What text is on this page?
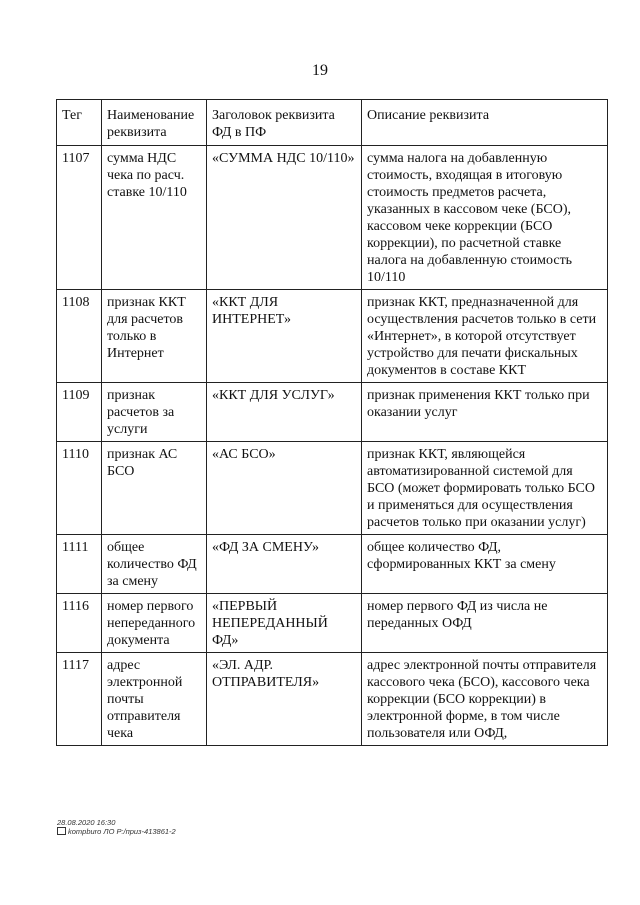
19
Тег	Наименование реквизита	Заголовок реквизита ФД в ПФ	Описание реквизита
1107	сумма НДС чека по расч. ставке 10/110	«СУММА НДС 10/110»	сумма налога на добавленную стоимость, входящая в итоговую стоимость предметов расчета, указанных в кассовом чеке (БСО), кассовом чеке коррекции (БСО коррекции), по расчетной ставке налога на добавленную стоимость 10/110
1108	признак ККТ для расчетов только в Интернет	«ККТ ДЛЯ ИНТЕРНЕТ»	признак ККТ, предназначенной для осуществления расчетов только в сети «Интернет», в которой отсутствует устройство для печати фискальных документов в составе ККТ
1109	признак расчетов за услуги	«ККТ ДЛЯ УСЛУГ»	признак применения ККТ только при оказании услуг
1110	признак АС БСО	«АС БСО»	признак ККТ, являющейся автоматизированной системой для БСО (может формировать только БСО и применяться для осуществления расчетов только при оказании услуг)
1111	общее количество ФД за смену	«ФД ЗА СМЕНУ»	общее количество ФД, сформированных ККТ за смену
1116	номер первого непереданного документа	«ПЕРВЫЙ НЕПЕРЕДАННЫЙ ФД»	номер первого ФД из числа не переданных ОФД
1117	адрес электронной почты отправителя чека	«ЭЛ. АДР. ОТПРАВИТЕЛЯ»	адрес электронной почты отправителя кассового чека (БСО), кассового чека коррекции (БСО коррекции) в электронной форме, в том числе пользователя или ОФД,
28.08.2020 16:30
kompburo ЛО Р:/приз-413861-2
